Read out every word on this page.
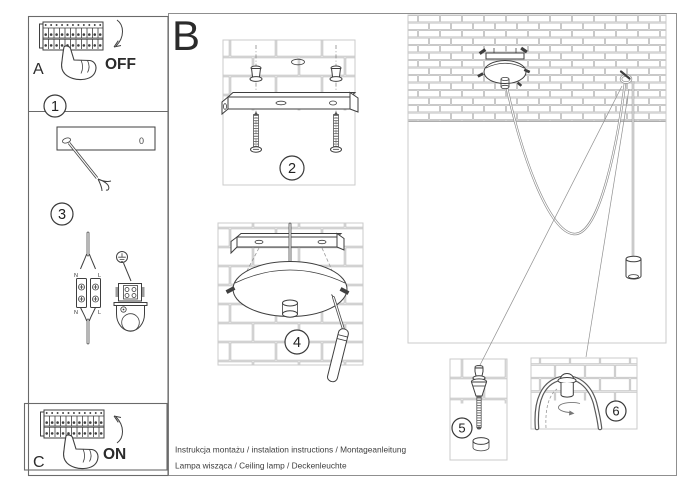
0
N	L
N	L
OFF
A
ON
C
B
1
2
3
4
5
6
Instrukcja montażu / instalation instructions / Montageanleitung
Lampa wisząca / Ceiling lamp / Deckenleuchte
